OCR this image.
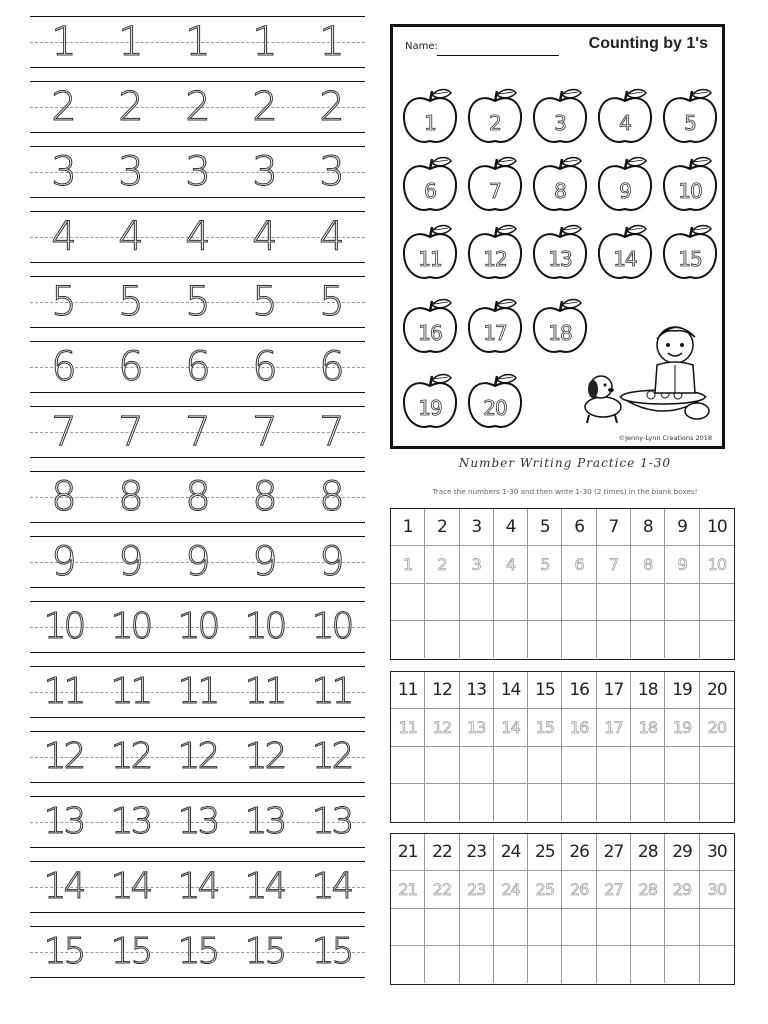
1 1 1 1 1
2 2 2 2 2
3 3 3 3 3
4 4 4 4 4
5 5 5 5 5
6 6 6 6 6
7 7 7 7 7
8 8 8 8 8
9 9 9 9 9
10 10 10 10 10
11 11 11 11 11
12 12 12 12 12
13 13 13 13 13
14 14 14 14 14
15 15 15 15 15
Name:	Counting by 1's
1	2	3	4	5
6	7	8	9	10
11	12	13	14	15
16	17	18
19	20
©Jenny-Lynn Creations 2018
Number Writing Practice 1-30
Trace the numbers 1-30 and then write 1-30 (2 times) in the blank boxes!
1 2 3 4 5 6 7 8 9 10
1 2 3 4 5 6 7 8 9 10
11 12 13 14 15 16 17 18 19 20
11 12 13 14 15 16 17 18 19 20
21 22 23 24 25 26 27 28 29 30
21 22 23 24 25 26 27 28 29 30
